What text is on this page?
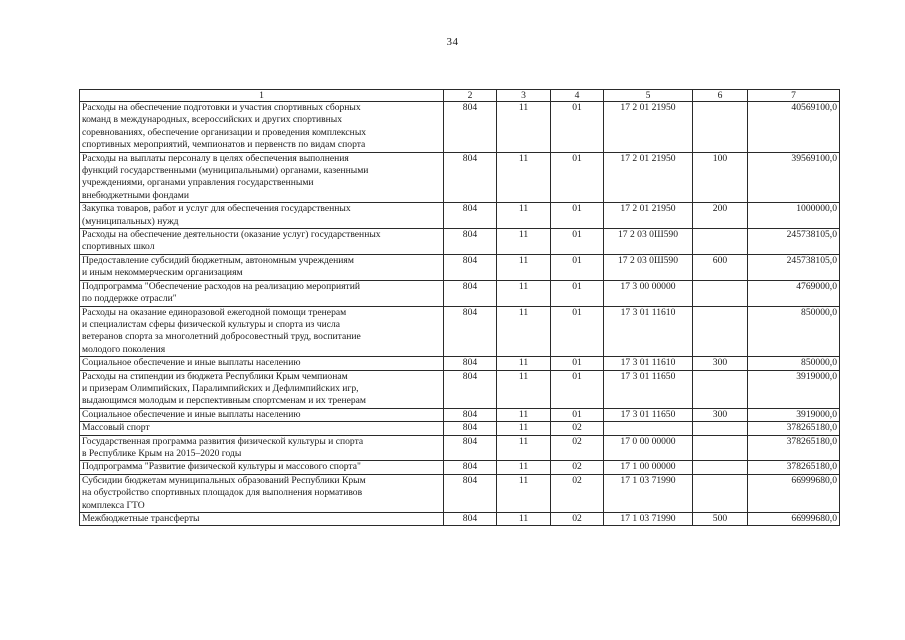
34
1	2	3	4	5	6	7

Расходы на обеспечение подготовки и участия спортивных сборных
команд в международных, всероссийских и других спортивных
соревнованиях, обеспечение организации и проведения комплексных
спортивных мероприятий, чемпионатов и первенств по видам спорта	804	11	01	17 2 01 21950		40569100,0

Расходы на выплаты персоналу в целях обеспечения выполнения
функций государственными (муниципальными) органами, казенными
учреждениями, органами управления государственными
внебюджетными фондами	804	11	01	17 2 01 21950	100	39569100,0

Закупка товаров, работ и услуг для обеспечения государственных
(муниципальных) нужд	804	11	01	17 2 01 21950	200	1000000,0

Расходы на обеспечение деятельности (оказание услуг) государственных
спортивных школ	804	11	01	17 2 03 0Ш590		245738105,0

Предоставление субсидий бюджетным, автономным учреждениям
и иным некоммерческим организациям	804	11	01	17 2 03 0Ш590	600	245738105,0

Подпрограмма "Обеспечение расходов на реализацию мероприятий
по поддержке отрасли"	804	11	01	17 3 00 00000		4769000,0

Расходы на оказание единоразовой ежегодной помощи тренерам
и специалистам сферы физической культуры и спорта из числа
ветеранов спорта за многолетний добросовестный труд, воспитание
молодого поколения	804	11	01	17 3 01 11610		850000,0

Социальное обеспечение и иные выплаты населению	804	11	01	17 3 01 11610	300	850000,0

Расходы на стипендии из бюджета Республики Крым чемпионам
и призерам Олимпийских, Паралимпийских и Дефлимпийских игр,
выдающимся молодым и перспективным спортсменам и их тренерам	804	11	01	17 3 01 11650		3919000,0

Социальное обеспечение и иные выплаты населению	804	11	01	17 3 01 11650	300	3919000,0

Массовый спорт	804	11	02			378265180,0

Государственная программа развития физической культуры и спорта
в Республике Крым на 2015–2020 годы	804	11	02	17 0 00 00000		378265180,0

Подпрограмма "Развитие физической культуры и массового спорта"	804	11	02	17 1 00 00000		378265180,0

Субсидии бюджетам муниципальных образований Республики Крым
на обустройство спортивных площадок для выполнения нормативов
комплекса ГТО	804	11	02	17 1 03 71990		66999680,0

Межбюджетные трансферты	804	11	02	17 1 03 71990	500	66999680,0
